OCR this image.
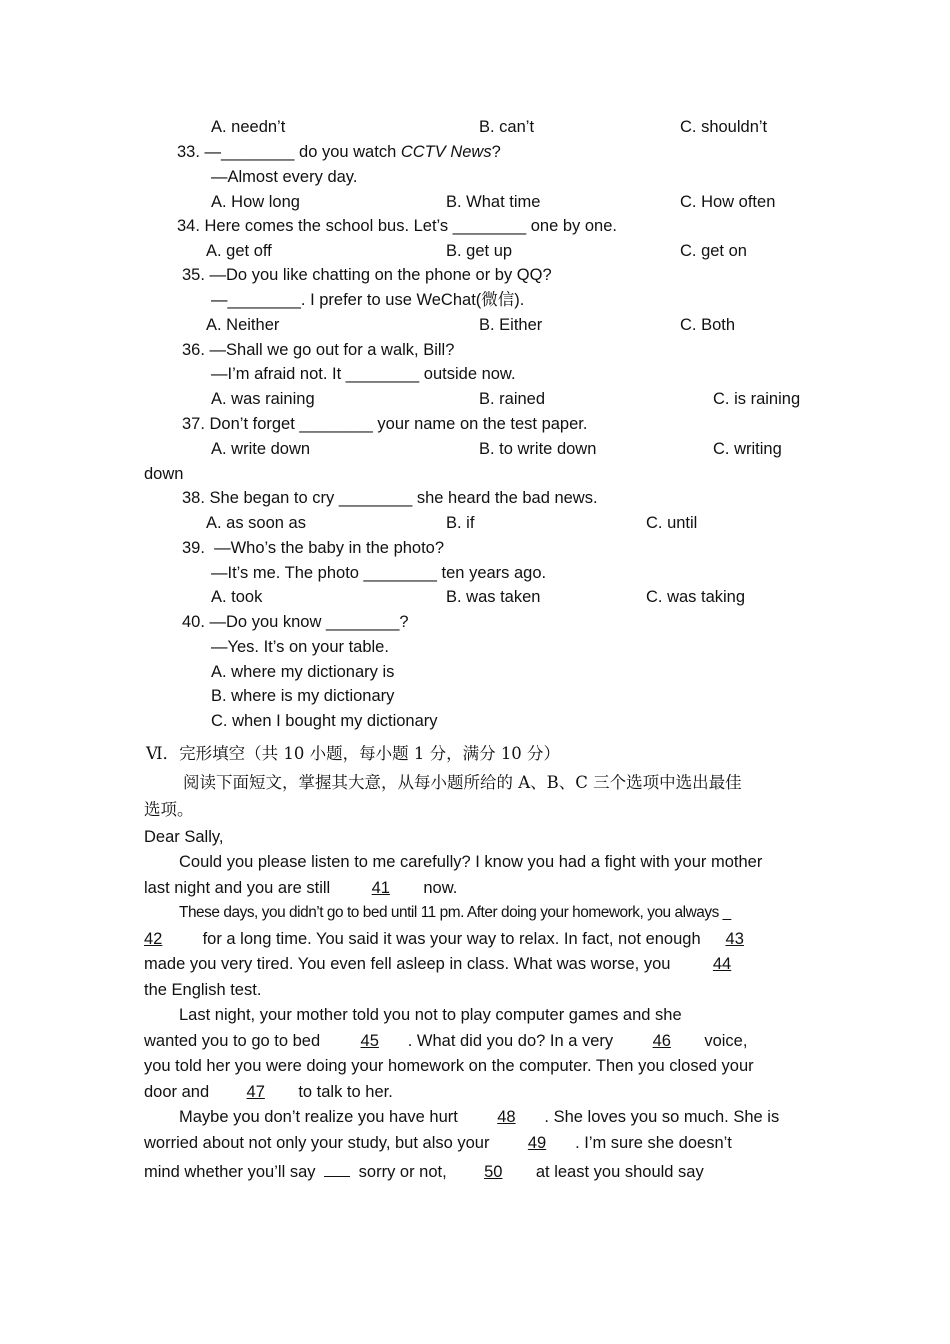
A. needn’t	B. can’t	C. shouldn’t
33. —________ do you watch CCTV News?
—Almost every day.
A. How long	B. What time	C. How often
34. Here comes the school bus. Let’s ________ one by one.
A. get off	B. get up	C. get on
35. —Do you like chatting on the phone or by QQ?
—________. I prefer to use WeChat(微信).
A. Neither	B. Either	C. Both
36. —Shall we go out for a walk, Bill?
—I’m afraid not. It ________ outside now.
A. was raining	B. rained	C. is raining
37. Don’t forget ________ your name on the test paper.
A. write down	B. to write down	C. writing
down
38. She began to cry ________ she heard the bad news.
A. as soon as	B. if	C. until
39.  —Who’s the baby in the photo?
—It’s me. The photo ________ ten years ago.
A. took	B. was taken	C. was taking
40. —Do you know ________?
—Yes. It’s on your table.
A. where my dictionary is
B. where is my dictionary
C. when I bought my dictionary
Ⅵ．完形填空（共 10 小题，每小题 1 分，满分 10 分）
阅读下面短文，掌握其大意，从每小题所给的 A、B、C 三个选项中选出最佳
选项。
Dear Sally,
Could you please listen to me carefully? I know you had a fight with your mother
last night and you are still 41 now.
These days, you didn’t go to bed until 11 pm. After doing your homework, you always _
42 for a long time. You said it was your way to relax. In fact, not enough 43
made you very tired. You even fell asleep in class. What was worse, you 44
the English test.
Last night, your mother told you not to play computer games and she
wanted you to go to bed 45 . What did you do? In a very 46 voice,
you told her you were doing your homework on the computer. Then you closed your
door and 47 to talk to her.
Maybe you don’t realize you have hurt 48 . She loves you so much. She is
worried about not only your study, but also your 49 . I’m sure she doesn’t
mind whether you’ll say  sorry or not, 50 at least you should say
